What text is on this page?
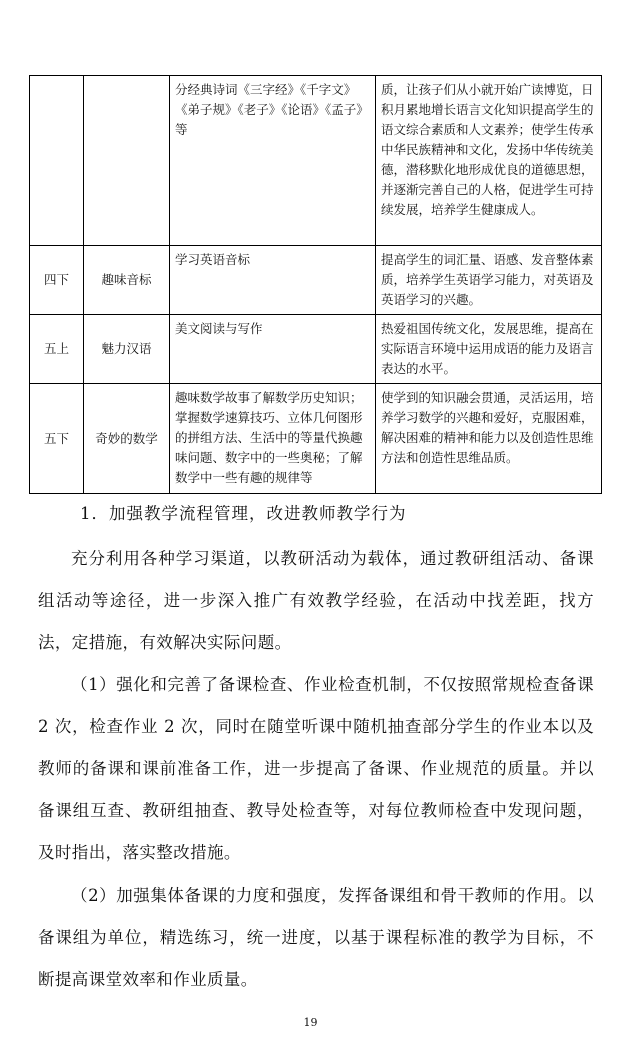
		分经典诗词《三字经》《千字文》《弟子规》《老子》《论语》《孟子》等	质，让孩子们从小就开始广读博览，日积月累地增长语言文化知识提高学生的语文综合素质和人文素养；使学生传承中华民族精神和文化，发扬中华传统美德，潜移默化地形成优良的道德思想，并逐渐完善自己的人格，促进学生可持续发展，培养学生健康成人。
四下	趣味音标	学习英语音标	提高学生的词汇量、语感、发音整体素质，培养学生英语学习能力，对英语及英语学习的兴趣。
五上	魅力汉语	美文阅读与写作	热爱祖国传统文化，发展思维，提高在实际语言环境中运用成语的能力及语言表达的水平。
五下	奇妙的数学	趣味数学故事了解数学历史知识；掌握数学速算技巧、立体几何图形的拼组方法、生活中的等量代换趣味问题、数字中的一些奥秘；了解数学中一些有趣的规律等	使学到的知识融会贯通，灵活运用，培养学习数学的兴趣和爱好，克服困难，解决困难的精神和能力以及创造性思维方法和创造性思维品质。
1．加强教学流程管理，改进教师教学行为
充分利用各种学习渠道，以教研活动为载体，通过教研组活动、备课组活动等途径，进一步深入推广有效教学经验，在活动中找差距，找方法，定措施，有效解决实际问题。
（1）强化和完善了备课检查、作业检查机制，不仅按照常规检查备课 2 次，检查作业 2 次，同时在随堂听课中随机抽查部分学生的作业本以及教师的备课和课前准备工作，进一步提高了备课、作业规范的质量。并以备课组互查、教研组抽查、教导处检查等，对每位教师检查中发现问题，及时指出，落实整改措施。
（2）加强集体备课的力度和强度，发挥备课组和骨干教师的作用。以备课组为单位，精选练习，统一进度，以基于课程标准的教学为目标，不断提高课堂效率和作业质量。
19
